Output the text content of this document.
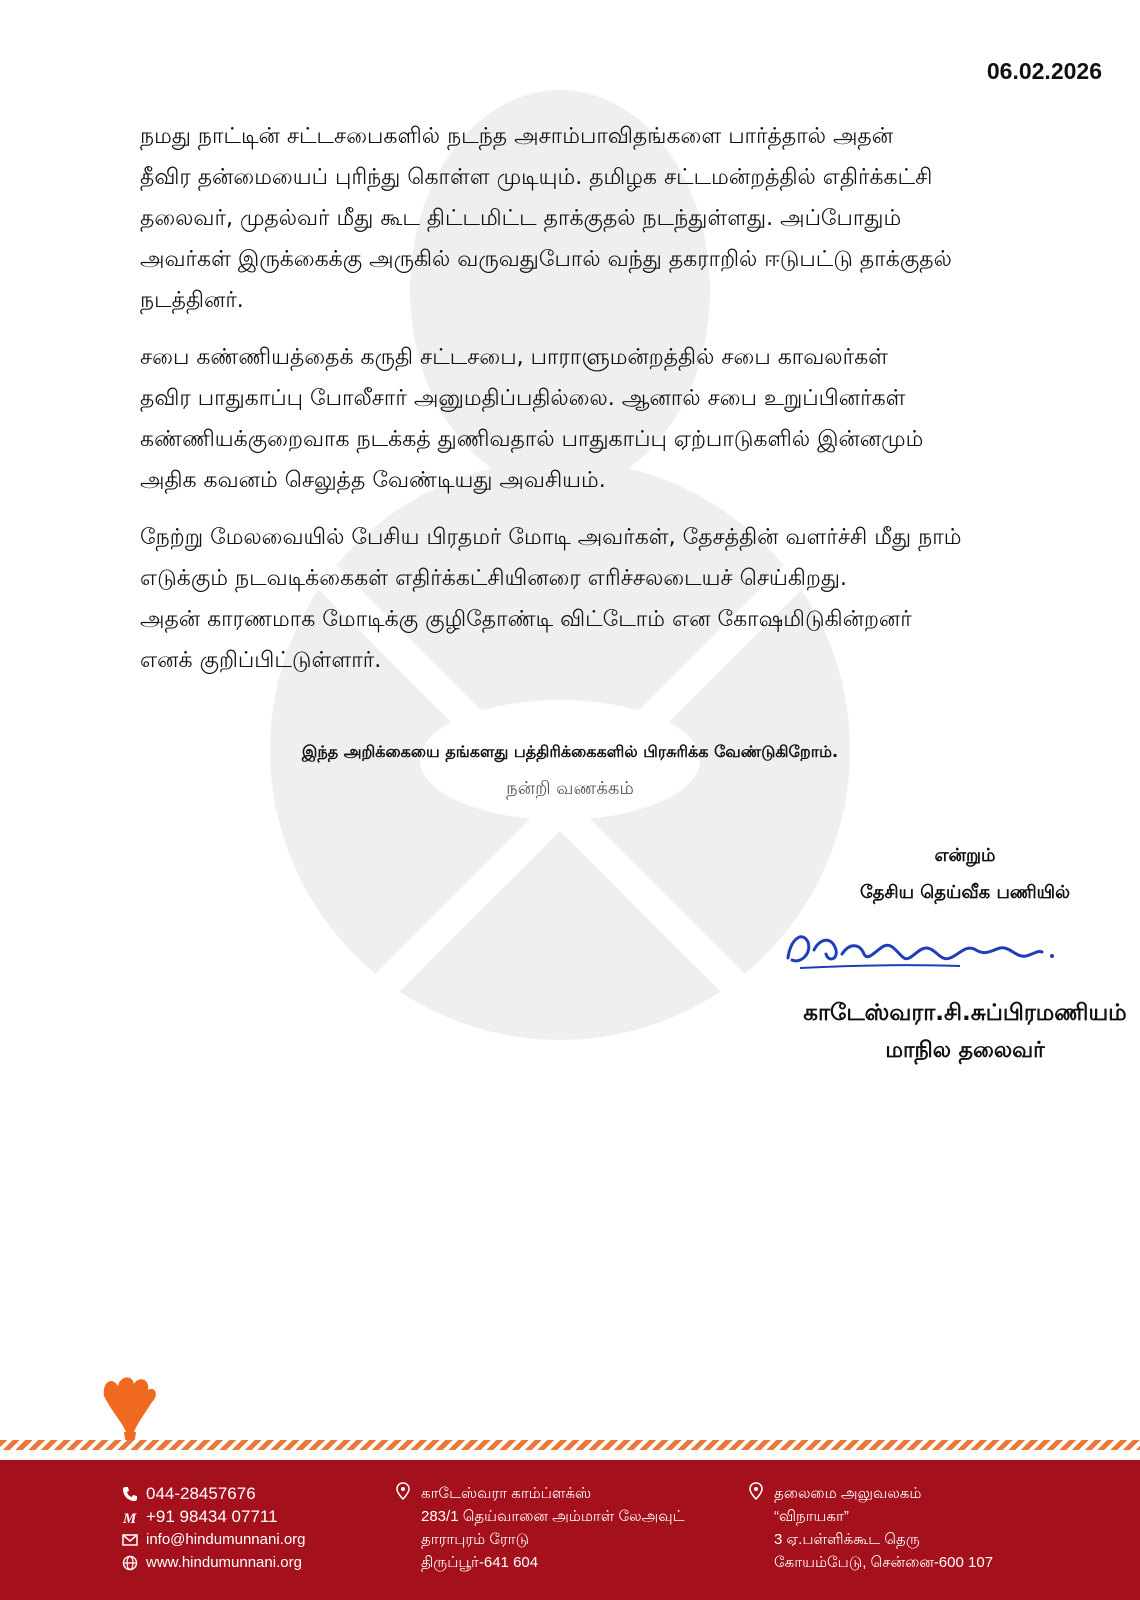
06.02.2026

நமது நாட்டின் சட்டசபைகளில் நடந்த அசாம்பாவிதங்களை பார்த்தால் அதன்
தீவிர தன்மையைப் புரிந்து கொள்ள முடியும். தமிழக சட்டமன்றத்தில் எதிர்க்கட்சி
தலைவர், முதல்வர் மீது கூட திட்டமிட்ட தாக்குதல் நடந்துள்ளது. அப்போதும்
அவர்கள் இருக்கைக்கு அருகில் வருவதுபோல் வந்து தகராறில் ஈடுபட்டு தாக்குதல்
நடத்தினர்.

சபை கண்ணியத்தைக் கருதி சட்டசபை, பாராளுமன்றத்தில் சபை காவலர்கள்
தவிர பாதுகாப்பு போலீசார் அனுமதிப்பதில்லை. ஆனால் சபை உறுப்பினர்கள்
கண்ணியக்குறைவாக நடக்கத் துணிவதால் பாதுகாப்பு ஏற்பாடுகளில் இன்னமும்
அதிக கவனம் செலுத்த வேண்டியது அவசியம்.

நேற்று மேலவையில் பேசிய பிரதமர் மோடி அவர்கள், தேசத்தின் வளர்ச்சி மீது நாம்
எடுக்கும் நடவடிக்கைகள் எதிர்க்கட்சியினரை எரிச்சலடையச் செய்கிறது.
அதன் காரணமாக மோடிக்கு குழிதோண்டி விட்டோம் என கோஷமிடுகின்றனர்
எனக் குறிப்பிட்டுள்ளார்.

இந்த அறிக்கையை தங்களது பத்திரிக்கைகளில் பிரசுரிக்க வேண்டுகிறோம்.
நன்றி வணக்கம்
என்றும்
தேசிய தெய்வீக பணியில்
காடேஸ்வரா.சி.சுப்பிரமணியம்
மாநில தலைவர்
044-28457676
M +91 98434 07711
info@hindumunnani.org
www.hindumunnani.org
காடேஸ்வரா காம்ப்ளக்ஸ்
283/1 தெய்வானை அம்மாள் லேஅவுட்
தாராபுரம் ரோடு
திருப்பூர்-641 604
தலைமை அலுவலகம்
“விநாயகா”
3 ஏ.பள்ளிக்கூட தெரு
கோயம்பேடு, சென்னை-600 107
